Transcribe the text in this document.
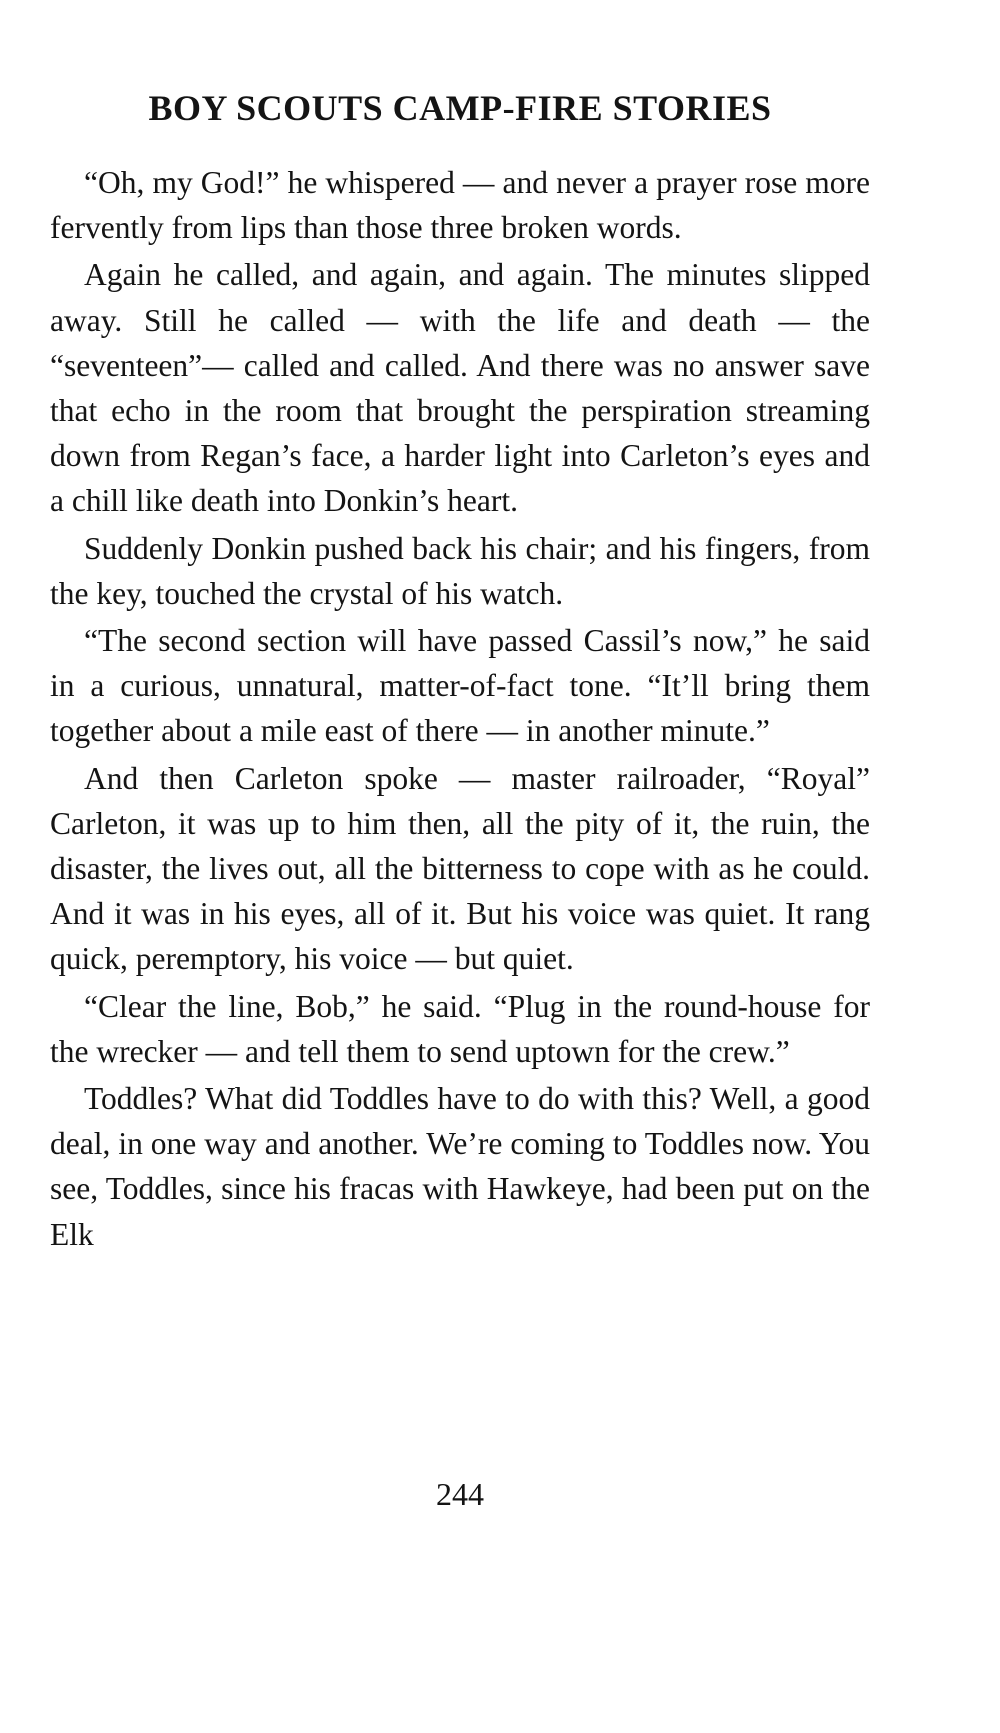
BOY SCOUTS CAMP-FIRE STORIES

“Oh, my God!” he whispered — and never a prayer rose more fervently from lips than those three broken words.

Again he called, and again, and again. The minutes slipped away. Still he called — with the life and death — the “seventeen”— called and called. And there was no answer save that echo in the room that brought the perspiration streaming down from Regan’s face, a harder light into Carleton’s eyes and a chill like death into Donkin’s heart.

Suddenly Donkin pushed back his chair; and his fingers, from the key, touched the crystal of his watch.

“The second section will have passed Cassil’s now,” he said in a curious, unnatural, matter-of-fact tone. “It’ll bring them together about a mile east of there — in another minute.”

And then Carleton spoke — master railroader, “Royal” Carleton, it was up to him then, all the pity of it, the ruin, the disaster, the lives out, all the bitterness to cope with as he could. And it was in his eyes, all of it. But his voice was quiet. It rang quick, peremptory, his voice — but quiet.

“Clear the line, Bob,” he said. “Plug in the round-house for the wrecker — and tell them to send uptown for the crew.”

Toddles? What did Toddles have to do with this? Well, a good deal, in one way and another. We’re coming to Toddles now. You see, Toddles, since his fracas with Hawkeye, had been put on the Elk

244
